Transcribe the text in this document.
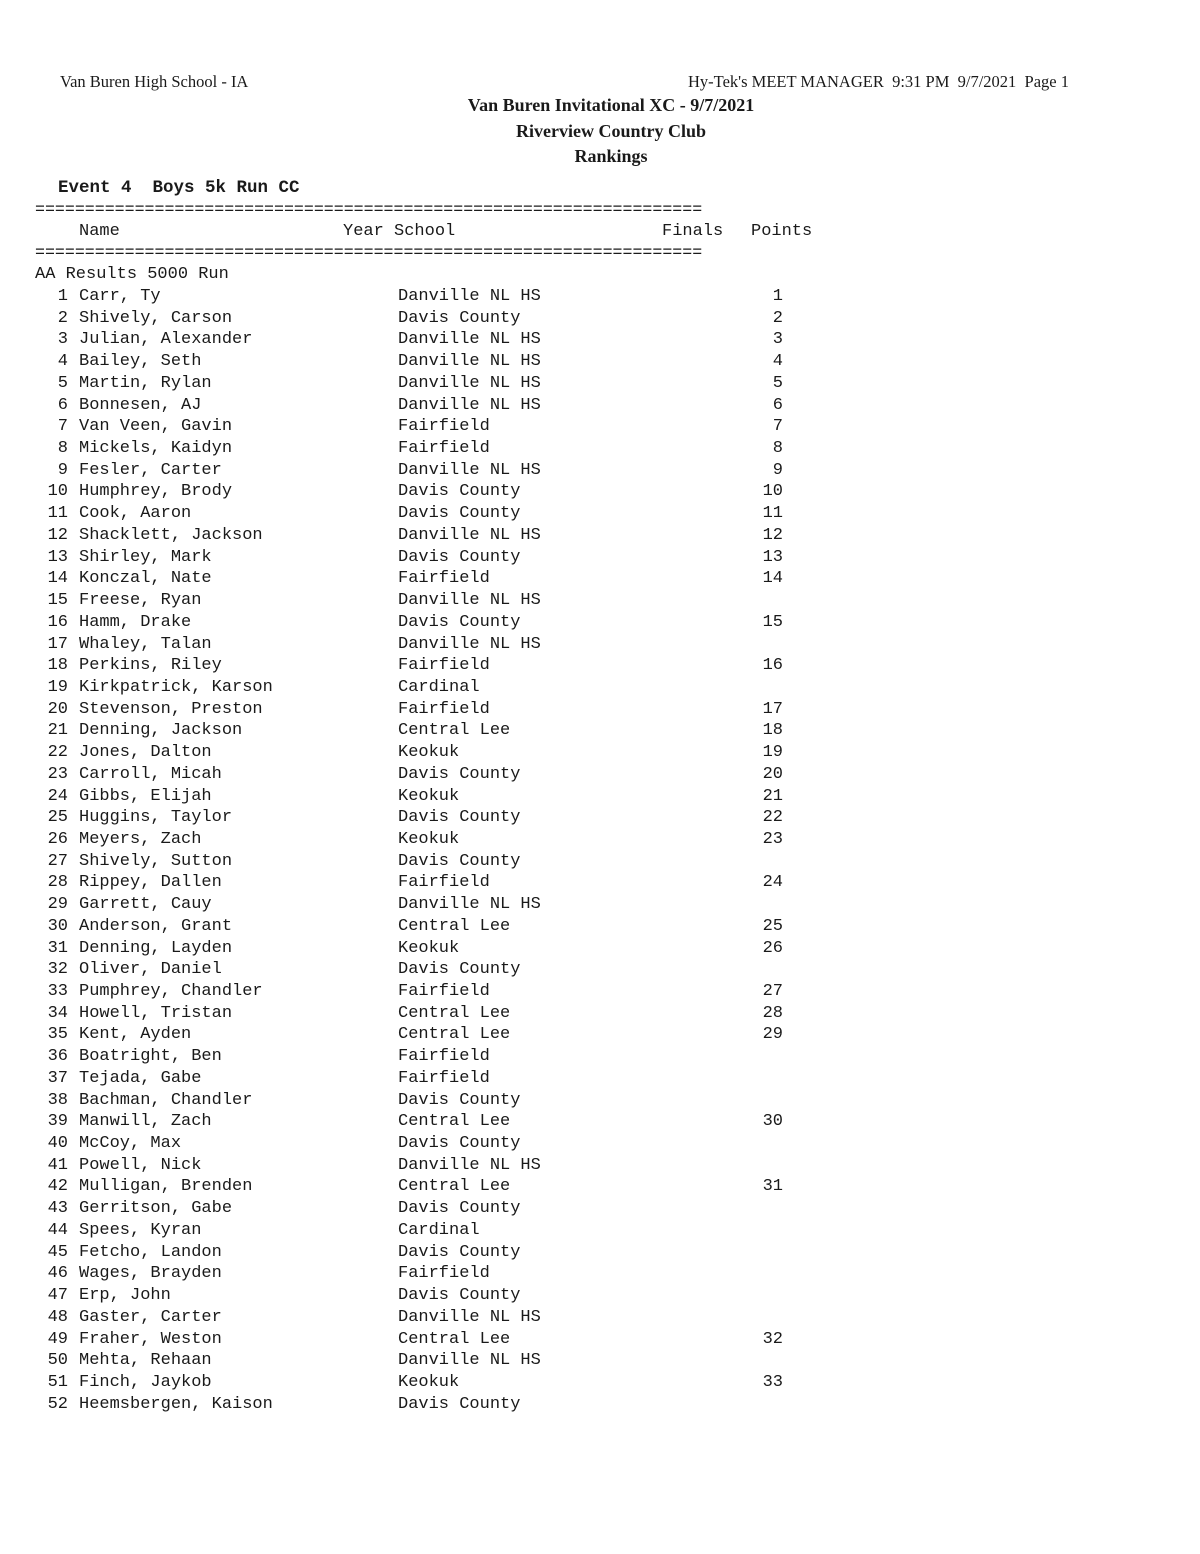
Van Buren High School - IA	Hy-Tek's MEET MANAGER  9:31 PM  9/7/2021  Page 1
Van Buren Invitational XC - 9/7/2021
Riverview Country Club
Rankings
Event 4  Boys 5k Run CC
===================================================================
Name	Year School	Finals Points
===================================================================
AA Results 5000 Run
1 Carr, Ty	Danville NL HS	1
2 Shively, Carson	Davis County	2
3 Julian, Alexander	Danville NL HS	3
4 Bailey, Seth	Danville NL HS	4
5 Martin, Rylan	Danville NL HS	5
6 Bonnesen, AJ	Danville NL HS	6
7 Van Veen, Gavin	Fairfield	7
8 Mickels, Kaidyn	Fairfield	8
9 Fesler, Carter	Danville NL HS	9
10 Humphrey, Brody	Davis County	10
11 Cook, Aaron	Davis County	11
12 Shacklett, Jackson	Danville NL HS	12
13 Shirley, Mark	Davis County	13
14 Konczal, Nate	Fairfield	14
15 Freese, Ryan	Danville NL HS
16 Hamm, Drake	Davis County	15
17 Whaley, Talan	Danville NL HS
18 Perkins, Riley	Fairfield	16
19 Kirkpatrick, Karson	Cardinal
20 Stevenson, Preston	Fairfield	17
21 Denning, Jackson	Central Lee	18
22 Jones, Dalton	Keokuk	19
23 Carroll, Micah	Davis County	20
24 Gibbs, Elijah	Keokuk	21
25 Huggins, Taylor	Davis County	22
26 Meyers, Zach	Keokuk	23
27 Shively, Sutton	Davis County
28 Rippey, Dallen	Fairfield	24
29 Garrett, Cauy	Danville NL HS
30 Anderson, Grant	Central Lee	25
31 Denning, Layden	Keokuk	26
32 Oliver, Daniel	Davis County
33 Pumphrey, Chandler	Fairfield	27
34 Howell, Tristan	Central Lee	28
35 Kent, Ayden	Central Lee	29
36 Boatright, Ben	Fairfield
37 Tejada, Gabe	Fairfield
38 Bachman, Chandler	Davis County
39 Manwill, Zach	Central Lee	30
40 McCoy, Max	Davis County
41 Powell, Nick	Danville NL HS
42 Mulligan, Brenden	Central Lee	31
43 Gerritson, Gabe	Davis County
44 Spees, Kyran	Cardinal
45 Fetcho, Landon	Davis County
46 Wages, Brayden	Fairfield
47 Erp, John	Davis County
48 Gaster, Carter	Danville NL HS
49 Fraher, Weston	Central Lee	32
50 Mehta, Rehaan	Danville NL HS
51 Finch, Jaykob	Keokuk	33
52 Heemsbergen, Kaison	Davis County
